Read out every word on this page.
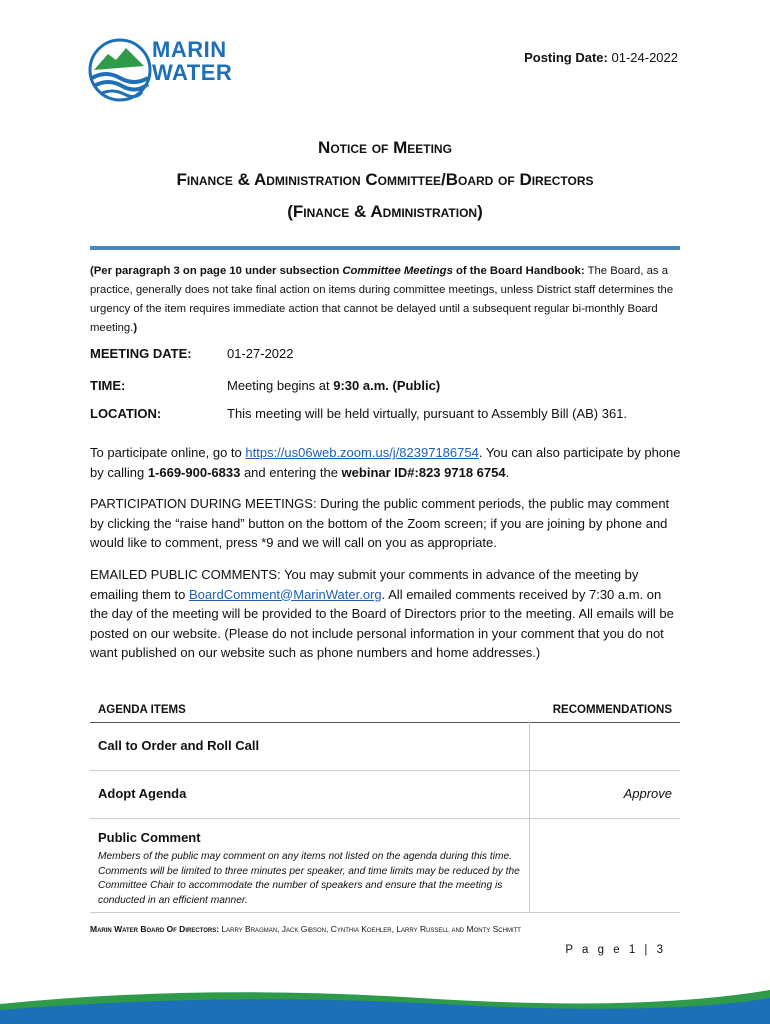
MARIN
WATER
Posting Date: 01-24-2022
Notice of Meeting
Finance & Administration Committee/Board of Directors
(Finance & Administration)
(Per paragraph 3 on page 10 under subsection Committee Meetings of the Board Handbook: The Board, as a practice, generally does not take final action on items during committee meetings, unless District staff determines the urgency of the item requires immediate action that cannot be delayed until a subsequent regular bi-monthly Board meeting.)
MEETING DATE:	01-27-2022
TIME:	Meeting begins at 9:30 a.m. (Public)
LOCATION:	This meeting will be held virtually, pursuant to Assembly Bill (AB) 361.
To participate online, go to https://us06web.zoom.us/j/82397186754. You can also participate by phone by calling 1-669-900-6833 and entering the webinar ID#:823 9718 6754.
PARTICIPATION DURING MEETINGS: During the public comment periods, the public may comment by clicking the “raise hand” button on the bottom of the Zoom screen; if you are joining by phone and would like to comment, press *9 and we will call on you as appropriate.
EMAILED PUBLIC COMMENTS: You may submit your comments in advance of the meeting by emailing them to BoardComment@MarinWater.org. All emailed comments received by 7:30 a.m. on the day of the meeting will be provided to the Board of Directors prior to the meeting. All emails will be posted on our website. (Please do not include personal information in your comment that you do not want published on our website such as phone numbers and home addresses.)
AGENDA ITEMS	RECOMMENDATIONS
Call to Order and Roll Call
Adopt Agenda	Approve
Public Comment
Members of the public may comment on any items not listed on the agenda during this time. Comments will be limited to three minutes per speaker, and time limits may be reduced by the Committee Chair to accommodate the number of speakers and ensure that the meeting is conducted in an efficient manner.
Marin Water Board Of Directors: Larry Bragman, Jack Gibson, Cynthia Koehler, Larry Russell and Monty Schmitt
P a g e 1 | 3
